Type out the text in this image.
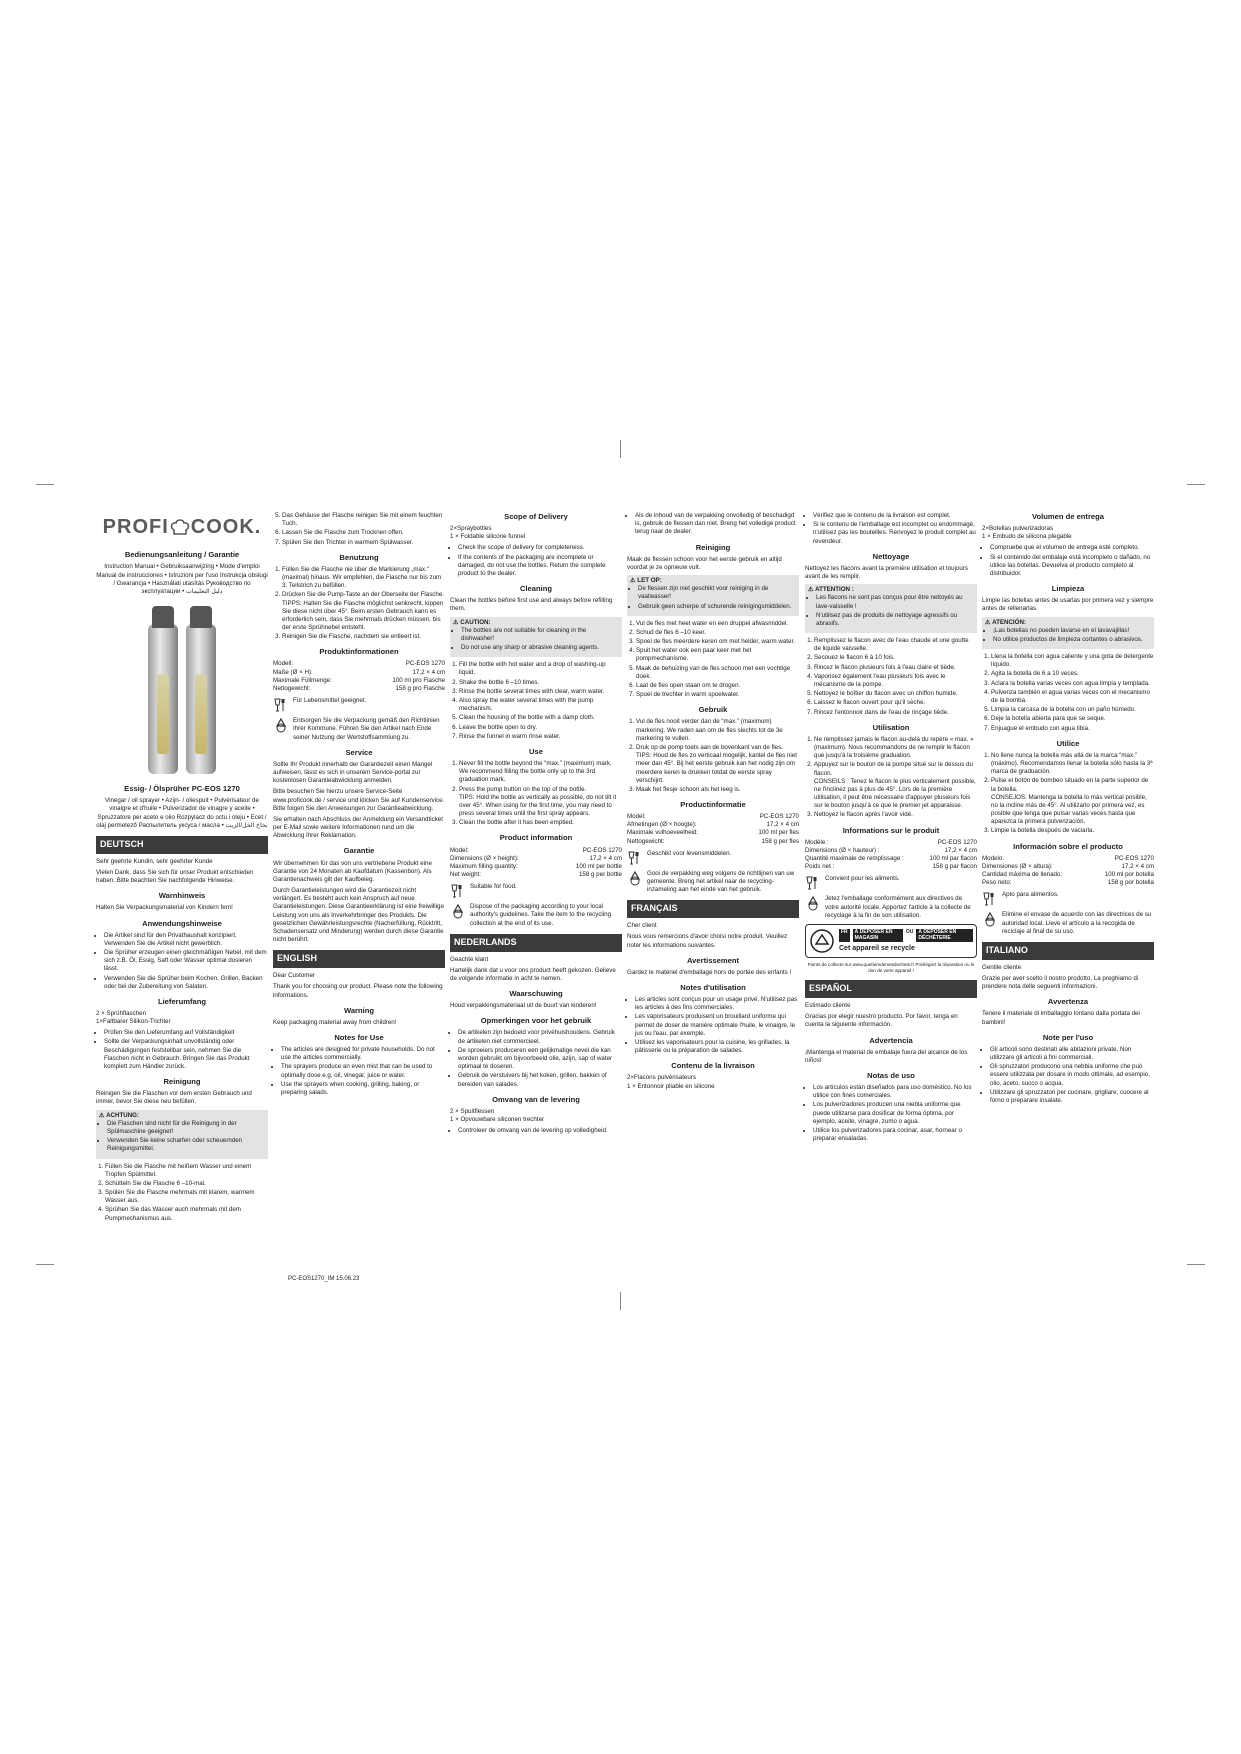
PROFI COOK.
Bedienungsanleitung / Garantie

Instruction Manual • Gebruiksaanwijzing • Mode d'emploi Manual de instrucciones • Istruzioni per l'uso Instrukcja obsługi / Gwarancja • Használati utasítás Руководство по эксплуатации • دليل التعليمات

Essig- / Ölsprüher PC-EOS 1270

Vinegar / oil sprayer • Azijn- / oliespuit • Pulvérisateur de vinaigre et d'huile • Pulverizador de vinagre y aceite • Spruzzatore per aceto e olio Rozpylacz do octu i oleju • Ecet / olaj permetező Распылитель уксуса / масла • بخاخ الخل/الزيت

DEUTSCH

Sehr geehrte Kundin, sehr geehrter Kunde

Vielen Dank, dass Sie sich für unser Produkt entschieden haben. Bitte beachten Sie nachfolgende Hinweise.

Warnhinweis

Halten Sie Verpackungsmaterial von Kindern fern!

Anwendungshinweise
• Die Artikel sind für den Privathaushalt konzipiert. Verwenden Sie die Artikel nicht gewerblich.
• Die Sprüher erzeugen einen gleichmäßigen Nebel, mit dem sich z.B. Öl, Essig, Saft oder Wasser optimal dosieren lässt.
• Verwenden Sie die Sprüher beim Kochen, Grillen, Backen oder bei der Zubereitung von Salaten.
Lieferumfang

2 × Sprühflaschen

1×Faltbarer Silikon-Trichter

• Prüfen Sie den Lieferumfang auf Vollständigkeit
• Sollte der Verpackungsinhalt unvollständig oder Beschädigungen feststellbar sein, nehmen Sie die Flaschen nicht in Gebrauch. Bringen Sie das Produkt komplett zum Händler zurück.
Reinigung

Reinigen Sie die Flaschen vor dem ersten Gebrauch und immer, bevor Sie diese neu befüllen.

⚠ ACHTUNG:
• Die Flaschen sind nicht für die Reinigung in der Spülmaschine geeignet!
• Verwenden Sie keine scharfen oder scheuernden Reinigungsmittel.
1. Füllen Sie die Flasche mit heißem Wasser und einem Tropfen Spülmittel.
2. Schütteln Sie die Flasche 6 –10-mal.
3. Spülen Sie die Flasche mehrmals mit klarem, warmem Wasser aus.
4. Sprühen Sie das Wasser auch mehrmals mit dem Pumpmechanismus aus.
5. Das Gehäuse der Flasche reinigen Sie mit einem feuchten Tuch.
6. Lassen Sie die Flasche zum Trocknen offen.
7. Spülen Sie den Trichter in warmem Spülwasser.
Benutzung
1. Füllen Sie die Flasche nie über die Markierung „max.“ (maximal) hinaus. Wir empfehlen, die Flasche nur bis zum 3. Teilstrich zu befüllen.
2. Drücken Sie die Pump-Taste an der Oberseite der Flasche.
TIPPS: Halten Sie die Flasche möglichst senkrecht, kippen Sie diese nicht über 45°. Beim ersten Gebrauch kann es erforderlich sein, dass Sie mehrmals drücken müssen, bis der erste Sprühnebel entsteht.
3. Reinigen Sie die Flasche, nachdem sie entleert ist.
Produktinformationen
Modell:	PC-EOS 1270
Maße (Ø × H):	17,2 × 4 cm
Maximale Füllmenge:	100 ml pro Flasche
Nettogewicht:	158 g pro Flasche
Für Lebensmittel geeignet.
Entsorgen Sie die Verpackung gemäß den Richtlinien Ihrer Kommune. Führen Sie den Artikel nach Ende seiner Nutzung der Wertstoffsammlung zu.
Service

Sollte Ihr Produkt innerhalb der Garantiezeit einen Mangel aufweisen, lässt es sich in unserem Service-portal zur kostenlosen Garantieabwicklung anmelden.

Bitte besuchen Sie hierzu unsere Service-Seite www.proficook.de / service und klicken Sie auf Kundenservice. Bitte folgen Sie den Anweisungen zur Garantieabwicklung.

Sie erhalten nach Abschluss der Anmeldung ein Versandticket per E-Mail sowie weitere Informationen rund um die Abwicklung Ihrer Reklamation.

Garantie

Wir übernehmen für das von uns vertriebene Produkt eine Garantie von 24 Monaten ab Kaufdatum (Kassenbon). Als Garantienachweis gilt der Kaufbeleg.

Durch Garantieleistungen wird die Garantiezeit nicht verlängert. Es besteht auch kein Anspruch auf neue Garantieleistungen. Diese Garantieerklärung ist eine freiwillige Leistung von uns als Inverkehrbringer des Produkts. Die gesetzlichen Gewährleistungsrechte (Nacherfüllung, Rücktritt, Schadensersatz und Minderung) werden durch diese Garantie nicht berührt.

ENGLISH

Dear Customer

Thank you for choosing our product. Please note the following informations.

Warning

Keep packaging material away from children!

Notes for Use
• The articles are designed for private households. Do not use the articles commercially.
• The sprayers produce an even mist that can be used to optimally dose e.g. oil, vinegar, juice or water.
• Use the sprayers when cooking, grilling, baking, or preparing salads.
Scope of Delivery

2×Spraybottles

1 × Foldable silicone funnel

• Check the scope of delivery for completeness.
• If the contents of the packaging are incomplete or damaged, do not use the bottles. Return the complete product to the dealer.
Cleaning

Clean the bottles before first use and always before refilling them.

⚠ CAUTION:
• The bottles are not suitable for cleaning in the dishwasher!
• Do not use any sharp or abrasive cleaning agents.
1. Fill the bottle with hot water and a drop of washing-up liquid.
2. Shake the bottle 6 –10 times.
3. Rinse the bottle several times with clear, warm water.
4. Also spray the water several times with the pump mechanism.
5. Clean the housing of the bottle with a damp cloth.
6. Leave the bottle open to dry.
7. Rinse the funnel in warm rinse water.
Use
1. Never fill the bottle beyond the “max.” (maximum) mark. We recommend filling the bottle only up to the 3rd graduation mark.
2. Press the pump button on the top of the bottle.
TIPS: Hold the bottle as vertically as possible, do not tilt it over 45°. When using for the first time, you may need to press several times until the first spray appears.
3. Clean the bottle after it has been emptied.
Product information
Model:	PC-EOS 1270
Dimensions (Ø × height):	17,2 × 4 cm
Maximum filling quantity:	100 ml per bottle
Net weight:	158 g per bottle
Suitable for food.
Dispose of the packaging according to your local authority's guidelines. Take the item to the recycling collection at the end of its use.
NEDERLANDS

Geachte klant

Hartelijk dank dat u voor ons product heeft gekozen. Gelieve de volgende informatie in acht te nemen.

Waarschuwing

Houd verpakkingsmateriaal uit de buurt van kinderen!

Opmerkingen voor het gebruik
• De artikelen zijn bedoeld voor privéhuishoudens. Gebruik de artikelen niet commercieel.
• De sproeiers produceren een gelijkmatige nevel die kan worden gebruikt om bijvoorbeeld olie, azijn, sap of water optimaal te doseren.
• Gebruik de verstuivers bij het koken, grillen, bakken of bereiden van salades.
Omvang van de levering

2 × Spuitflessen

1 × Opvouwbare siliconen trechter

• Controleer de omvang van de levering op volledigheid.
• Als de inhoud van de verpakking onvolledig of beschadigd is, gebruik de flessen dan niet. Breng het volledige product terug naar de dealer.
Reiniging

Maak de flessen schoon voor het eerste gebruik en altijd voordat je ze opnieuw vult.

⚠ LET OP:
• De flessen zijn niet geschikt voor reiniging in de vaatwasser!
• Gebruik geen scherpe of schurende reinigingsmiddelen.
1. Vul de fles met heet water en een druppel afwasmiddel.
2. Schud de fles 6 –10 keer.
3. Spoel de fles meerdere keren om met helder, warm water.
4. Spuit het water ook een paar keer met het pompmechanisme.
5. Maak de behuizing van de fles schoon met een vochtige doek.
6. Laat de fles open staan om te drogen.
7. Spoel de trechter in warm spoelwater.
Gebruik
1. Vul de fles nooit verder dan de “max.” (maximum) markering. We raden aan om de fles slechts tot de 3e markering te vullen.
2. Druk op de pomp toets aan de bovenkant van de fles.
TIPS: Houd de fles zo verticaal mogelijk, kantel de fles niet meer dan 45°. Bij het eerste gebruik kan het nodig zijn om meerdere keren te drukken totdat de eerste spray verschijnt.
3. Maak het flesje schoon als het leeg is.
Productinformatie
Model:	PC-EOS 1270
Afmetingen (Ø × hoogte):	17,2 × 4 cm
Maximale vulhoeveelheid:	100 ml per fles
Nettogewicht:	158 g per fles
Geschikt voor levensmiddelen.
Gooi de verpakking weg volgens de richtlijnen van uw gemeente. Breng het artikel naar de recycling-inzameling aan het einde van het gebruik.
FRANÇAIS

Cher client

Nous vous remercions d'avoir choisi notre produit. Veuillez noter les informations suivantes.

Avertissement

Gardez le matériel d'emballage hors de portée des enfants !

Notes d'utilisation
• Les articles sont conçus pour un usage privé. N'utilisez pas les articles à des fins commerciales.
• Les vaporisateurs produisent un brouillard uniforme qui permet de doser de manière optimale l'huile, le vinaigre, le jus ou l'eau, par exemple.
• Utilisez les vaporisateurs pour la cuisine, les grillades, la pâtisserie ou la préparation de salades.
Contenu de la livraison

2×Flacons pulvérisateurs

1 × Entonnoir pliable en silicone

• Vérifiez que le contenu de la livraison est complet.
• Si le contenu de l'emballage est incomplet ou endommagé, n'utilisez pas les bouteilles. Renvoyez le produit complet au revendeur.
Nettoyage

Nettoyez les flacons avant la première utilisation et toujours avant de les remplir.

⚠ ATTENTION :
• Les flacons ne sont pas conçus pour être nettoyés au lave-vaisselle !
• N'utilisez pas de produits de nettoyage agressifs ou abrasifs.
1. Remplissez le flacon avec de l'eau chaude et une goutte de liquide vaisselle.
2. Secouez le flacon 6 à 10 fois.
3. Rincez le flacon plusieurs fois à l'eau claire et tiède.
4. Vaporisez également l'eau plusieurs fois avec le mécanisme de la pompe.
5. Nettoyez le boîtier du flacon avec un chiffon humide.
6. Laissez le flacon ouvert pour qu'il sèche.
7. Rincez l'entonnoir dans de l'eau de rinçage tiède.
Utilisation
1. Ne remplissez jamais le flacon au-delà du repère « max. » (maximum). Nous recommandons de ne remplir le flacon que jusqu'à la troisième graduation.
2. Appuyez sur le bouton de la pompe situé sur le dessus du flacon.
CONSEILS : Tenez le flacon le plus verticalement possible, ne l'inclinez pas à plus de 45°. Lors de la première utilisation, il peut être nécessaire d'appuyer plusieurs fois sur le bouton jusqu'à ce que le premier jet apparaisse.
3. Nettoyez le flacon après l'avoir vidé.
Informations sur le produit
Modèle :	PC-EOS 1270
Dimensions (Ø × hauteur) :	17,2 × 4 cm
Quantité maximale de remplissage :	100 ml par flacon
Poids net :	158 g par flacon
Convient pour les aliments.
Jetez l'emballage conformément aux directives de votre autorité locale. Apportez l'article à la collecte de recyclage à la fin de son utilisation.
FR	À DÉPOSER EN MAGASIN
OU	À DÉPOSER EN DÉCHÈTERIE
Cet appareil se recycle

Points de collecte sur www.quefairedemesdechets.fr Privilégiez la réparation ou le don de votre appareil !

ESPAÑOL

Estimado cliente

Gracias por elegir nuestro producto. Por favor, tenga en cuenta la siguiente información.

Advertencia

¡Mantenga el material de embalaje fuera del alcance de los niños!

Notas de uso
• Los artículos están diseñados para uso doméstico. No los utilice con fines comerciales.
• Los pulverizadores producen una niebla uniforme que puede utilizarse para dosificar de forma óptima, por ejemplo, aceite, vinagre, zumo o agua.
• Utilice los pulverizadores para cocinar, asar, hornear o preparar ensaladas.
Volumen de entrega

2×Botellas pulverizadoras

1 × Embudo de silicona plegable

• Compruebe que el volumen de entrega esté completo.
• Si el contenido del embalaje está incompleto o dañado, no utilice las botellas. Devuelva el producto completo al distribuidor.
Limpieza

Limpie las botellas antes de usarlas por primera vez y siempre antes de rellenarlas.

⚠ ATENCIÓN:
• ¡Las botellas no pueden lavarse en el lavavajillas!
• No utilice productos de limpieza cortantes o abrasivos.
1. Llena la botella con agua caliente y una gota de detergente líquido.
2. Agita la botella de 6 a 10 veces.
3. Aclara la botella varias veces con agua limpia y templada.
4. Pulveriza también el agua varias veces con el mecanismo de la bomba.
5. Limpia la carcasa de la botella con un paño húmedo.
6. Deje la botella abierta para que se seque.
7. Enjuague el embudo con agua tibia.
Utilice
1. No llene nunca la botella más allá de la marca “max.” (máximo). Recomendamos llenar la botella sólo hasta la 3ª marca de graduación.
2. Pulse el botón de bombeo situado en la parte superior de la botella.
CONSEJOS: Mantenga la botella lo más vertical posible, no la incline más de 45°. Al utilizarlo por primera vez, es posible que tenga que pulsar varias veces hasta que aparezca la primera pulverización.
3. Limpie la botella después de vaciarla.
Información sobre el producto
Modelo:	PC-EOS 1270
Dimensiones (Ø × altura):	17,2 × 4 cm
Cantidad máxima de llenado:	100 ml por botella
Peso neto:	158 g por botella
Apto para alimentos.
Elimine el envase de acuerdo con las directrices de su autoridad local. Lleve el artículo a la recogida de reciclaje al final de su uso.
ITALIANO

Gentile cliente

Grazie per aver scelto il nostro prodotto. La preghiamo di prendere nota delle seguenti informazioni.

Avvertenza

Tenere il materiale di imballaggio lontano dalla portata dei bambini!

Note per l'uso
• Gli articoli sono destinati alle abitazioni private. Non utilizzare gli articoli a fini commerciali.
• Gli spruzzatori producono una nebbia uniforme che può essere utilizzata per dosare in modo ottimale, ad esempio, olio, aceto, succo o acqua.
• Utilizzare gli spruzzatori per cucinare, grigliare, cuocere al forno o preparare insalate.
PC-EOS1270_IM 15.06.23
